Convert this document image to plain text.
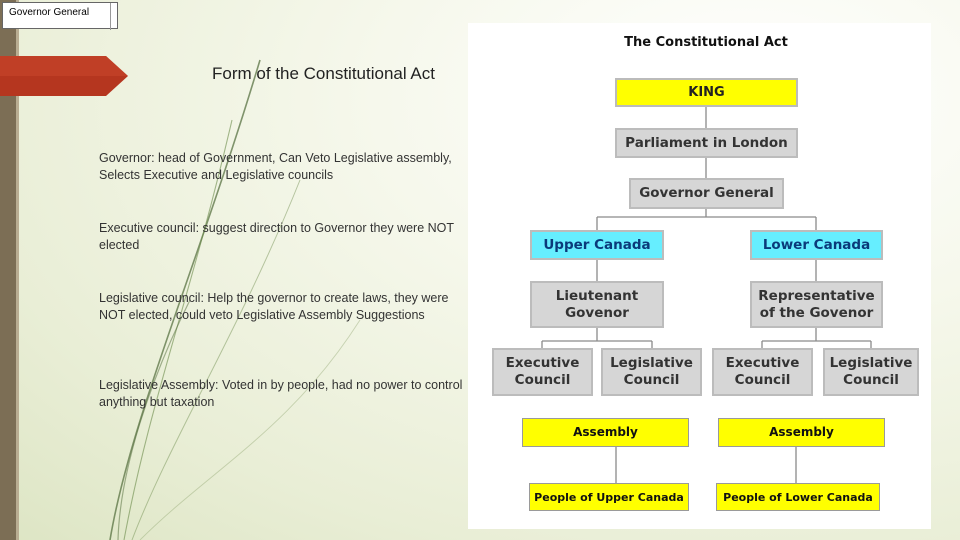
Governor General
Form of the Constitutional Act
Governor: head of Government, Can Veto Legislative assembly, Selects Executive and Legislative councils
Executive council: suggest direction to Governor they were NOT elected
Legislative council: Help the governor to create laws, they were NOT elected, could veto Legislative Assembly Suggestions
Legislative Assembly: Voted in by people, had no power to control anything but taxation
The Constitutional Act
KING
Parliament in London
Governor General
Upper Canada	Lower Canada
Lieutenant Govenor
Representative of the Govenor
Executive Council
Legislative Council
Executive Council
Legislative Council
Assembly	Assembly
People of Upper Canada	People of Lower Canada
